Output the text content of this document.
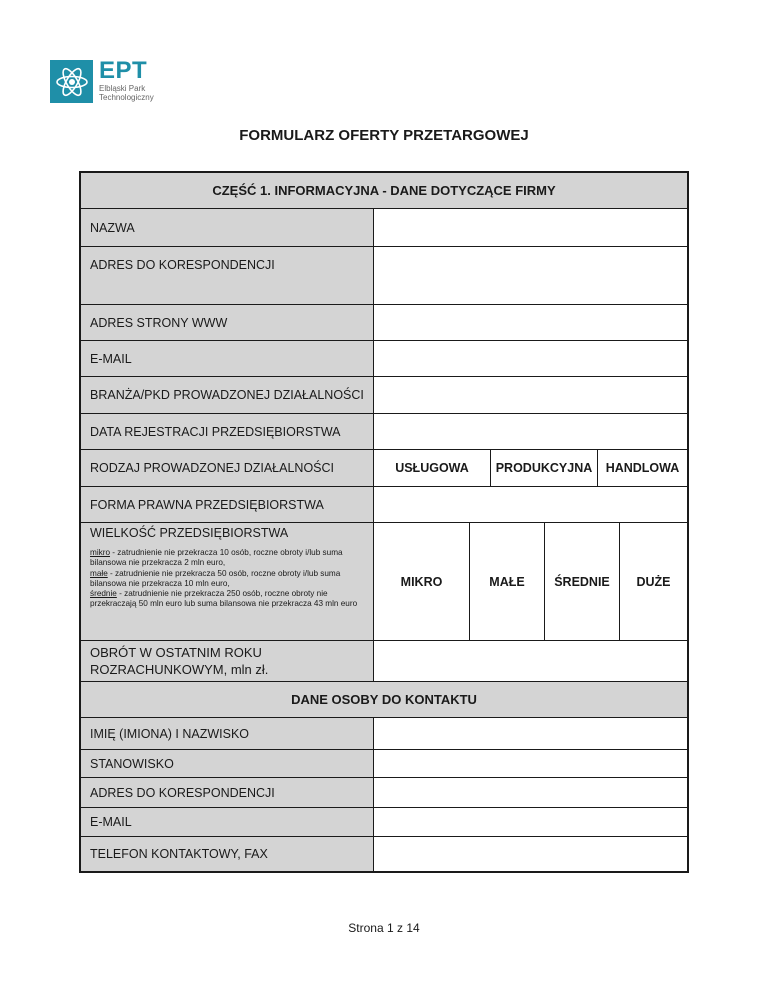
EPT
Elbląski Park
Technologiczny
FORMULARZ OFERTY PRZETARGOWEJ
CZĘŚĆ 1. INFORMACYJNA - DANE DOTYCZĄCE FIRMY
NAZWA
ADRES DO KORESPONDENCJI
ADRES STRONY WWW
E-MAIL
BRANŻA/PKD PROWADZONEJ DZIAŁALNOŚCI
DATA REJESTRACJI PRZEDSIĘBIORSTWA
RODZAJ PROWADZONEJ DZIAŁALNOŚCI	USŁUGOWA	PRODUKCYJNA	HANDLOWA
FORMA PRAWNA PRZEDSIĘBIORSTWA
WIELKOŚĆ PRZEDSIĘBIORSTWA
mikro - zatrudnienie nie przekracza 10 osób, roczne obroty i/lub suma bilansowa nie przekracza 2 mln euro,
małe - zatrudnienie nie przekracza 50 osób, roczne obroty i/lub suma bilansowa nie przekracza 10 mln euro,
średnie - zatrudnienie nie przekracza 250 osób, roczne obroty nie przekraczają 50 mln euro lub suma bilansowa nie przekracza 43 mln euro
MIKRO	MAŁE	ŚREDNIE	DUŻE
OBRÓT W OSTATNIM ROKU
ROZRACHUNKOWYM, mln zł.
DANE OSOBY DO KONTAKTU
IMIĘ (IMIONA) I NAZWISKO
STANOWISKO
ADRES DO KORESPONDENCJI
E-MAIL
TELEFON KONTAKTOWY, FAX
Strona 1 z 14
